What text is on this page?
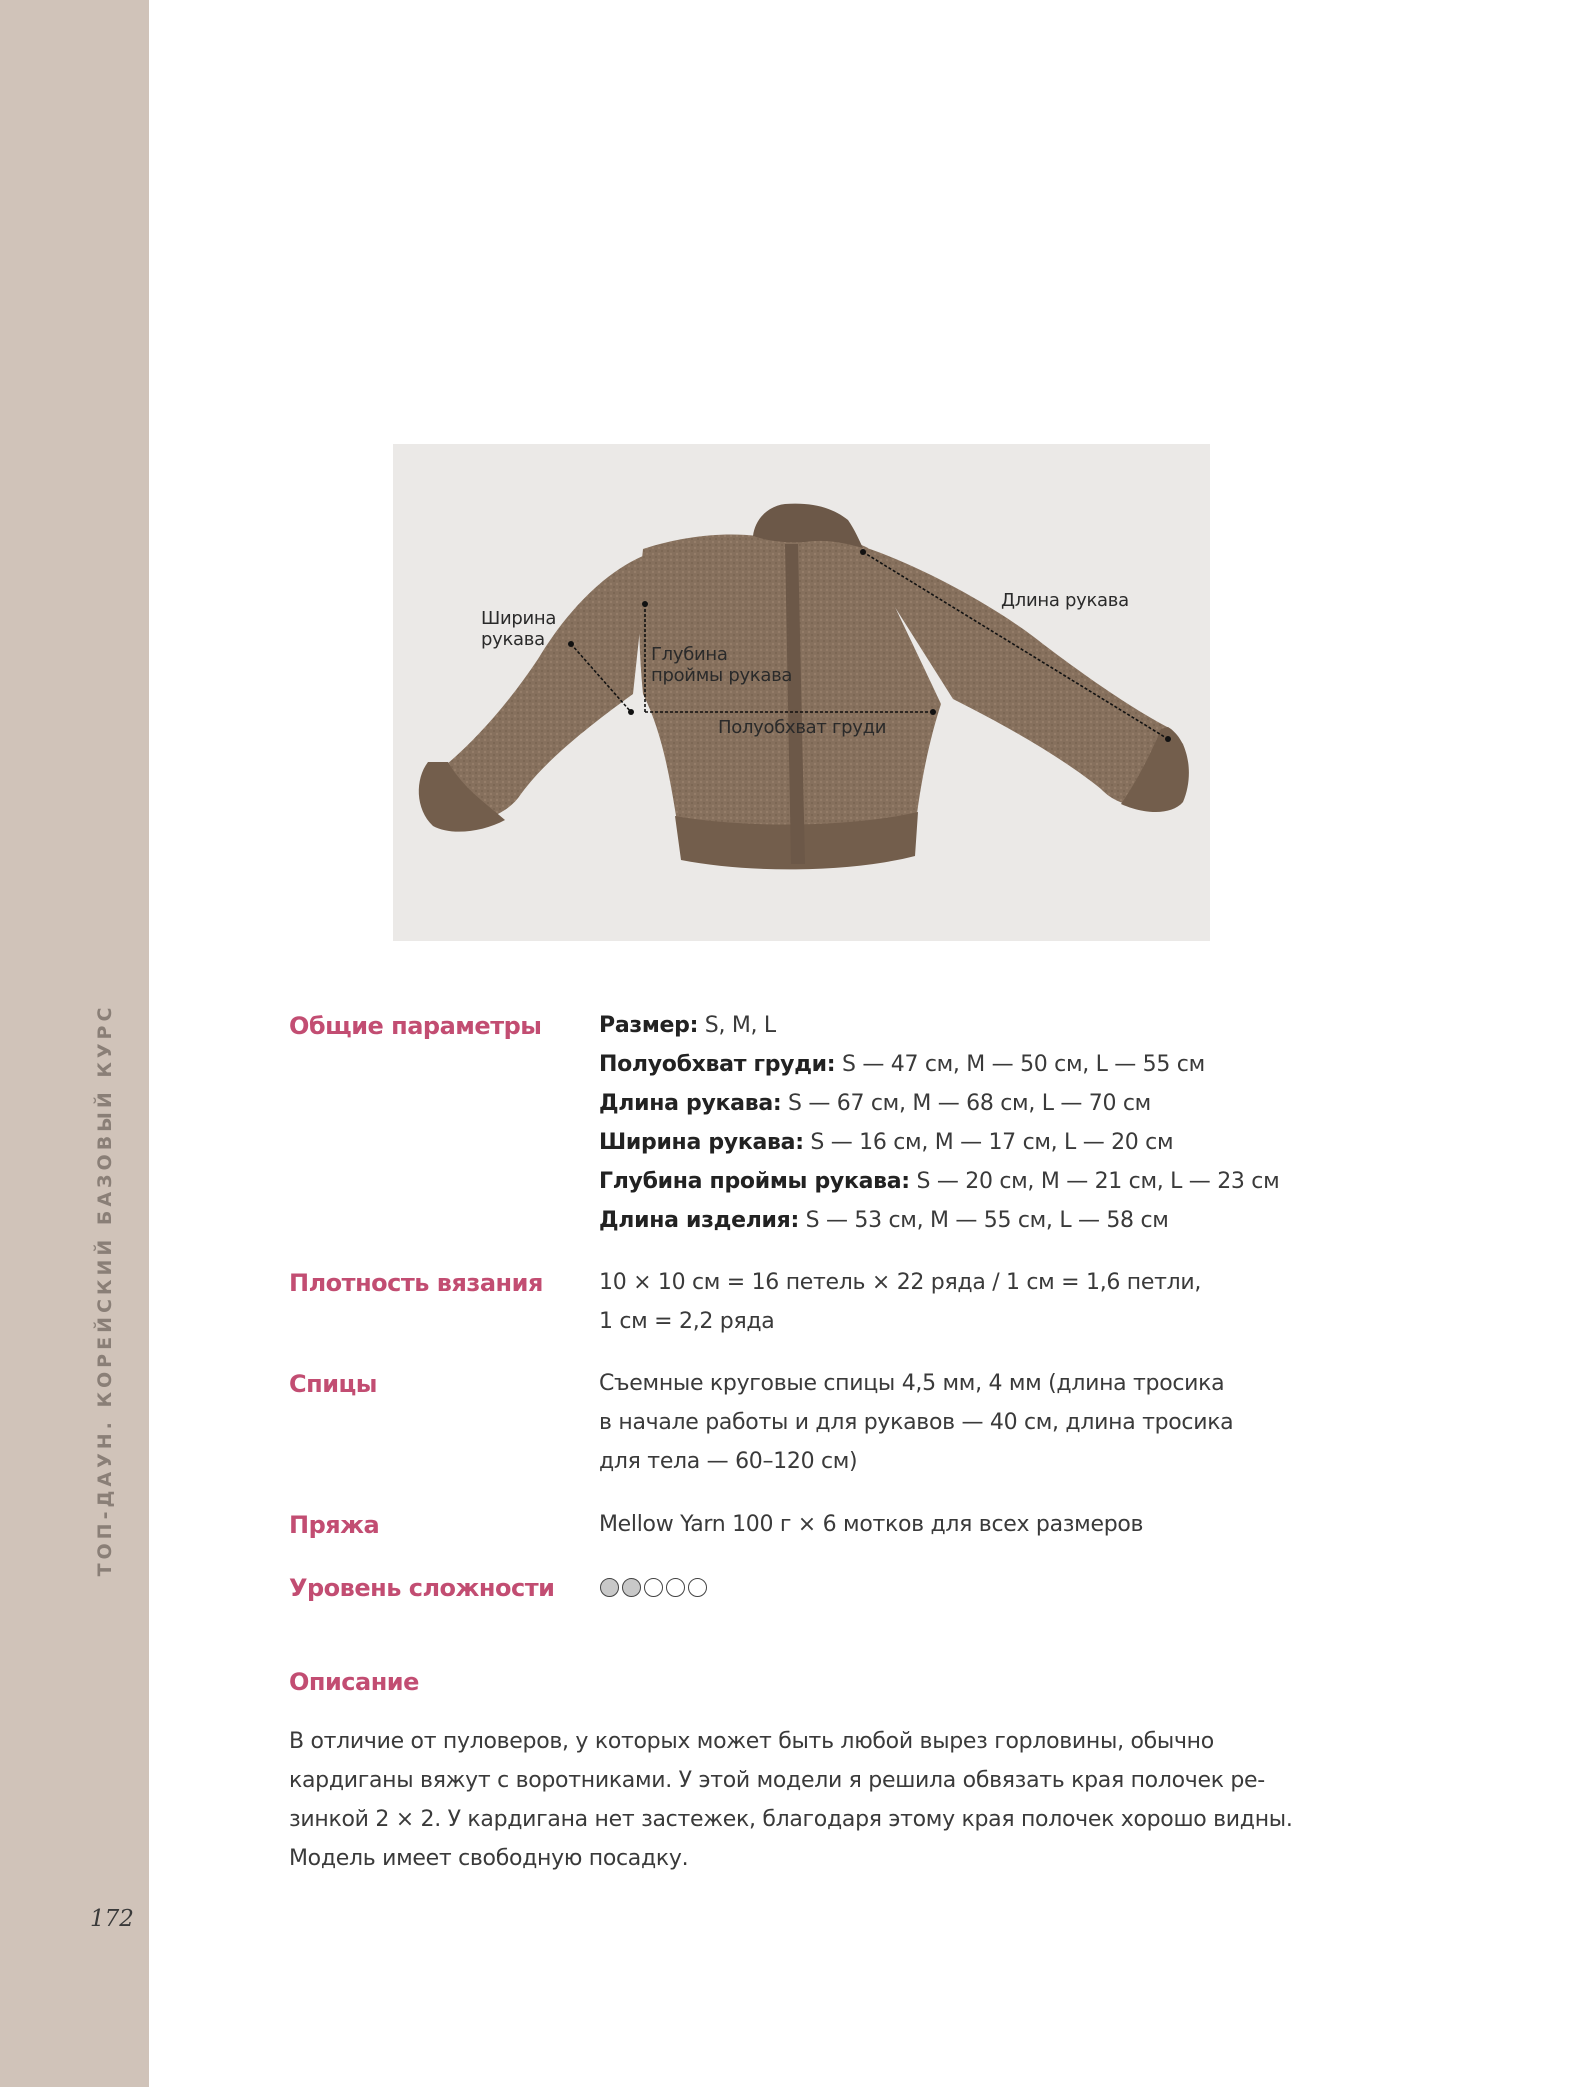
ТОП-ДАУН. КОРЕЙСКИЙ БАЗОВЫЙ КУРС
172
Ширина
рукава
Глубина
проймы рукава
Длина рукава
Полуобхват груди
Общие параметры	Размер: S, M, L
Полуобхват груди: S — 47 см, M — 50 см, L — 55 см
Длина рукава: S — 67 см, M — 68 см, L — 70 см
Ширина рукава: S — 16 см, M — 17 см, L — 20 см
Глубина проймы рукава: S — 20 см, M — 21 см, L — 23 см
Длина изделия: S — 53 см, M — 55 см, L — 58 см
Плотность вязания	10 × 10 см = 16 петель × 22 ряда / 1 см = 1,6 петли,
1 см = 2,2 ряда
Спицы	Съемные круговые спицы 4,5 мм, 4 мм (длина тросика
в начале работы и для рукавов — 40 см, длина тросика
для тела — 60–120 см)
Пряжа	Mellow Yarn 100 г × 6 мотков для всех размеров
Уровень сложности
Описание
В отличие от пуловеров, у которых может быть любой вырез горловины, обычно
кардиганы вяжут с воротниками. У этой модели я решила обвязать края полочек ре-
зинкой 2 × 2. У кардигана нет застежек, благодаря этому края полочек хорошо видны.
Модель имеет свободную посадку.
